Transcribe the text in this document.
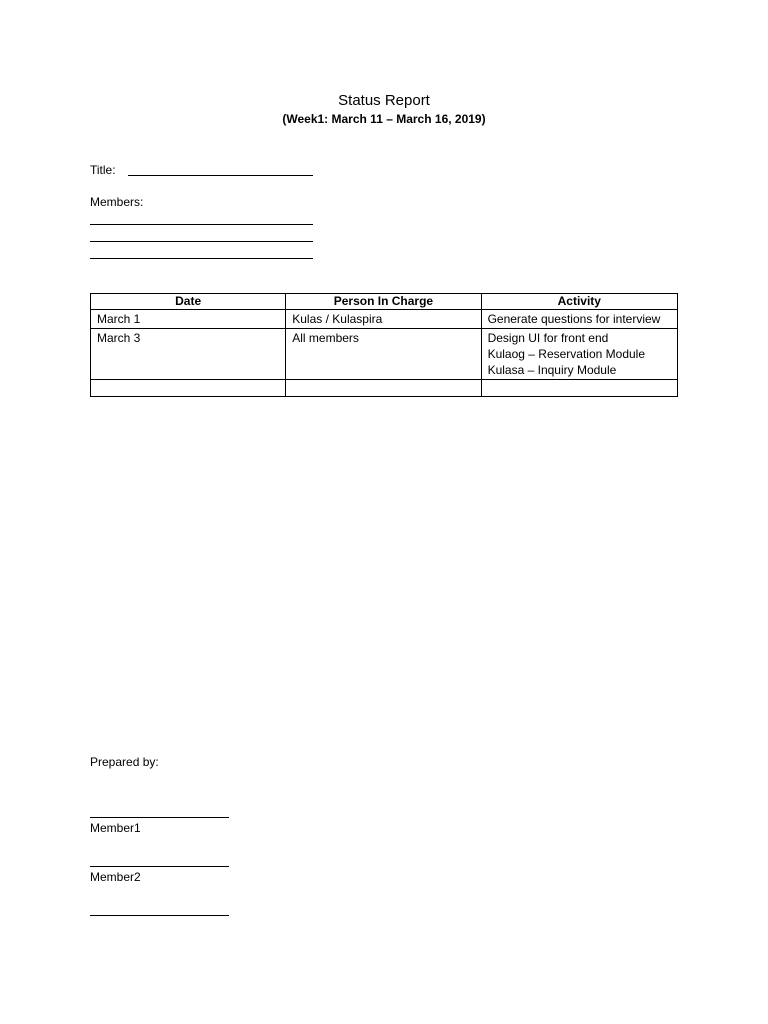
Status Report
(Week1: March 11 – March 16, 2019)
Title:
Members:
Date	Person In Charge	Activity
March 1	Kulas / Kulaspira	Generate questions for interview

March 3	All members	Design UI for front end
Kulaog – Reservation Module
Kulasa – Inquiry Module

Prepared by:
Member1
Member2
